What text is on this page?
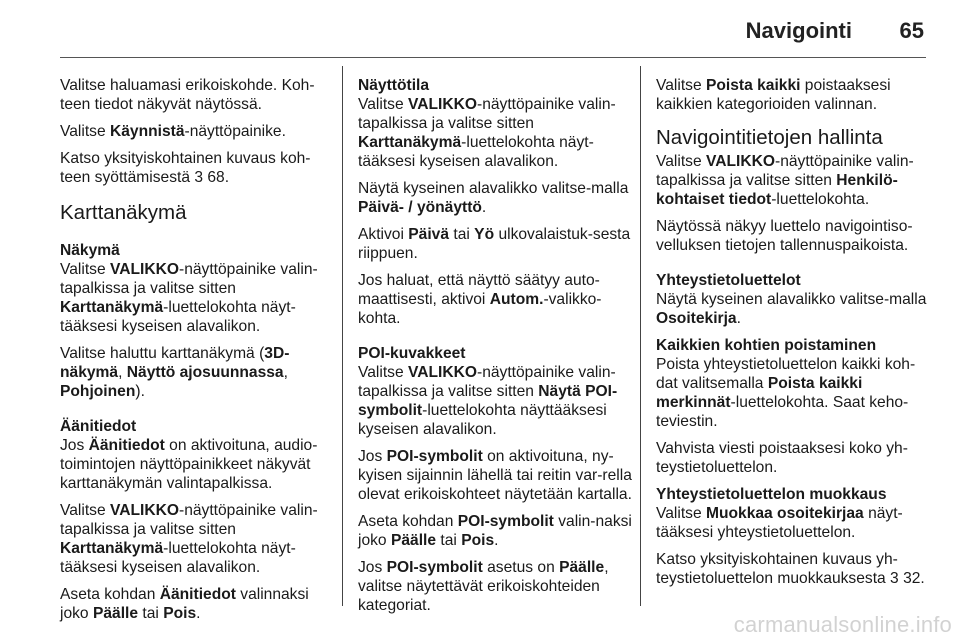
Navigointi 65

Valitse haluamasi erikoiskohde. Koh-teen tiedot näkyvät näytössä.

Valitse Käynnistä-näyttöpainike.

Katso yksityiskohtainen kuvaus koh-teen syöttämisestä 3 68.

Karttanäkymä
Näkymä

Valitse VALIKKO-näyttöpainike valin-tapalkissa ja valitse sitten Karttanäkymä-luettelokohta näyt-tääksesi kyseisen alavalikon.

Valitse haluttu karttanäkymä (3D-näkymä, Näyttö ajosuunnassa, Pohjoinen).

Äänitiedot

Jos Äänitiedot on aktivoituna, audio-toimintojen näyttöpainikkeet näkyvät karttanäkymän valintapalkissa.

Valitse VALIKKO-näyttöpainike valin-tapalkissa ja valitse sitten Karttanäkymä-luettelokohta näyt-tääksesi kyseisen alavalikon.

Aseta kohdan Äänitiedot valinnaksi joko Päälle tai Pois.

Näyttötila

Valitse VALIKKO-näyttöpainike valin-tapalkissa ja valitse sitten Karttanäkymä-luettelokohta näyt-tääksesi kyseisen alavalikon.

Näytä kyseinen alavalikko valitse-malla Päivä- / yönäyttö.

Aktivoi Päivä tai Yö ulkovalaistuk-sesta riippuen.

Jos haluat, että näyttö säätyy auto-maattisesti, aktivoi Autom.-valikko-kohta.

POI-kuvakkeet

Valitse VALIKKO-näyttöpainike valin-tapalkissa ja valitse sitten Näytä POI-symbolit-luettelokohta näyttääksesi kyseisen alavalikon.

Jos POI-symbolit on aktivoituna, ny-kyisen sijainnin lähellä tai reitin var-rella olevat erikoiskohteet näytetään kartalla.

Aseta kohdan POI-symbolit valin-naksi joko Päälle tai Pois.

Jos POI-symbolit asetus on Päälle, valitse näytettävät erikoiskohteiden kategoriat.

Valitse Poista kaikki poistaaksesi kaikkien kategorioiden valinnan.

Navigointitietojen hallinta

Valitse VALIKKO-näyttöpainike valin-tapalkissa ja valitse sitten Henkilö-kohtaiset tiedot-luettelokohta.

Näytössä näkyy luettelo navigointiso-velluksen tietojen tallennuspaikoista.

Yhteystietoluettelot

Näytä kyseinen alavalikko valitse-malla Osoitekirja.

Kaikkien kohtien poistaminen

Poista yhteystietoluettelon kaikki koh-dat valitsemalla Poista kaikki merkinnät-luettelokohta. Saat keho-teviestin.

Vahvista viesti poistaaksesi koko yh-teystietoluettelon.

Yhteystietoluettelon muokkaus

Valitse Muokkaa osoitekirjaa näyt-tääksesi yhteystietoluettelon.

Katso yksityiskohtainen kuvaus yh-teystietoluettelon muokkauksesta 3 32.

carmanualsonline.info
